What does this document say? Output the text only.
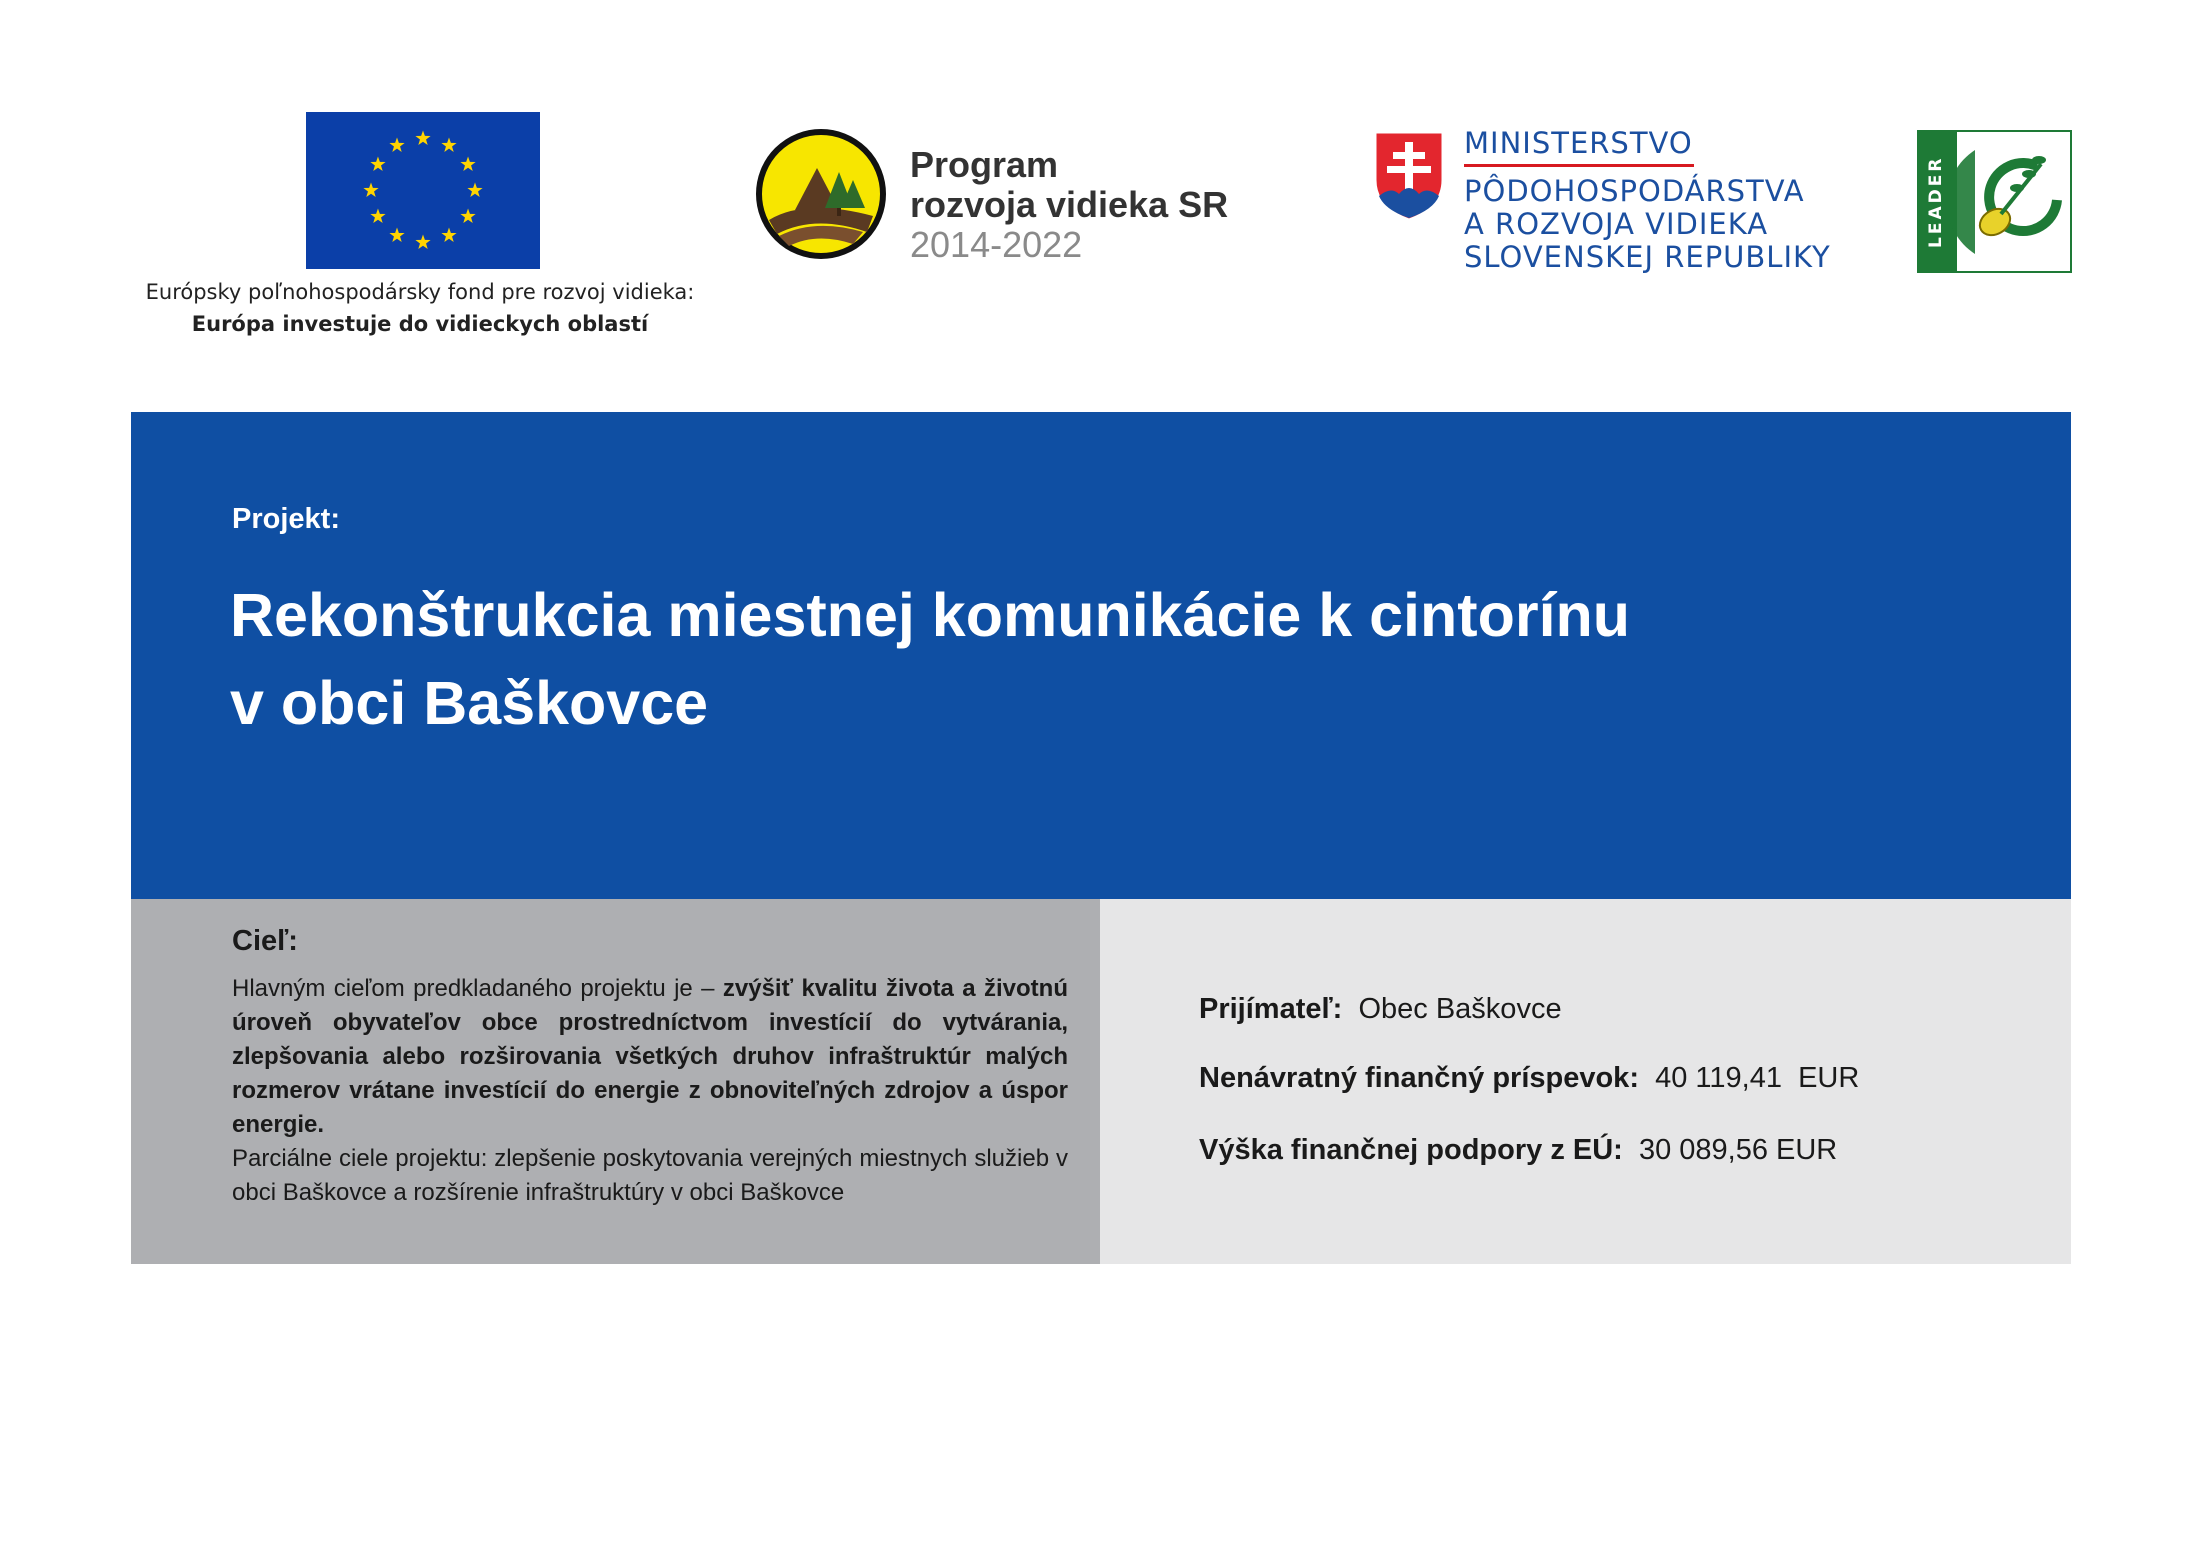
Európsky poľnohospodársky fond pre rozvoj vidieka:
Európa investuje do vidieckych oblastí
Program
rozvoja vidieka SR
2014-2022
MINISTERSTVO
PÔDOHOSPODÁRSTVA
A ROZVOJA VIDIEKA
SLOVENSKEJ REPUBLIKY
LEADER
Projekt:
Rekonštrukcia miestnej komunikácie k cintorínu
v obci Baškovce
Cieľ:
Hlavným cieľom predkladaného projektu je – zvýšiť kvalitu života a životnú úroveň obyvateľov obce prostredníctvom investícií do vytvárania, zlepšovania alebo rozširovania všetkých druhov infraštruktúr malých rozmerov vrátane investícií do energie z obnoviteľných zdrojov a úspor energie.
Parciálne ciele projektu: zlepšenie poskytovania verejných miestnych služieb v obci Baškovce a rozšírenie infraštruktúry v obci Baškovce
Prijímateľ: Obec Baškovce
Nenávratný finančný príspevok: 40 119,41  EUR
Výška finančnej podpory z EÚ: 30 089,56 EUR
